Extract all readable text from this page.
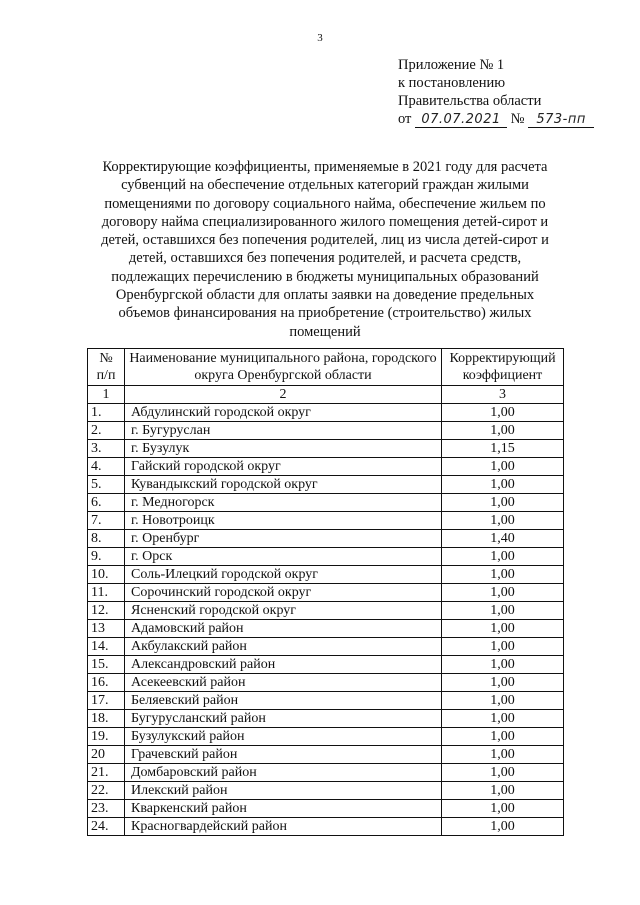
3
Приложение № 1
к постановлению
Правительства области
от 07.07.2021 № 573-пп
Корректирующие коэффициенты, применяемые в 2021 году для расчета субвенций на обеспечение отдельных категорий граждан жилыми помещениями по договору социального найма, обеспечение жильем по договору найма специализированного жилого помещения детей-сирот и детей, оставшихся без попечения родителей, лиц из числа детей-сирот и детей, оставшихся без попечения родителей, и расчета средств, подлежащих перечислению в бюджеты муниципальных образований Оренбургской области для оплаты заявки на доведение предельных объемов финансирования на приобретение (строительство) жилых помещений
№ п/п	Наименование муниципального района, городского округа Оренбургской области	Корректирующий коэффициент
1	2	3
1.	Абдулинский городской округ	1,00
2.	г. Бугуруслан	1,00
3.	г. Бузулук	1,15
4.	Гайский городской округ	1,00
5.	Кувандыкский городской округ	1,00
6.	г. Медногорск	1,00
7.	г. Новотроицк	1,00
8.	г. Оренбург	1,40
9.	г. Орск	1,00
10.	Соль-Илецкий городской округ	1,00
11.	Сорочинский городской округ	1,00
12.	Ясненский городской округ	1,00
13	Адамовский район	1,00
14.	Акбулакский район	1,00
15.	Александровский район	1,00
16.	Асекеевский район	1,00
17.	Беляевский район	1,00
18.	Бугурусланский район	1,00
19.	Бузулукский район	1,00
20	Грачевский район	1,00
21.	Домбаровский район	1,00
22.	Илекский район	1,00
23.	Кваркенский район	1,00
24.	Красногвардейский район	1,00
